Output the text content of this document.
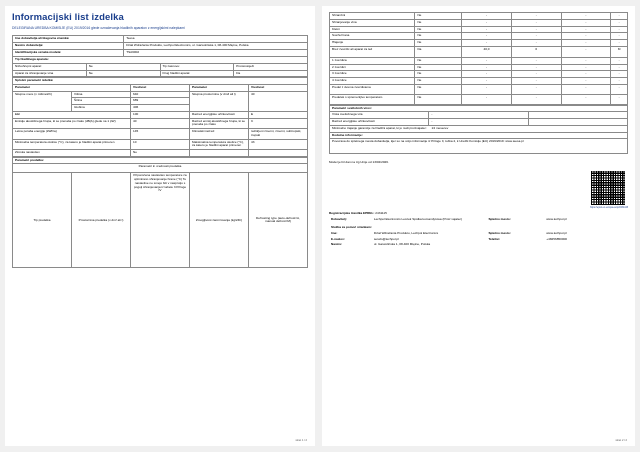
Informacijski list izdelka
DELEGIRANA UREDBA KOMISIJE (EU) 2019/2016 glede označevanja hladilnih aparatov z energijskimi nalepkami
Ime dobavitelja ali blagovna znamka:	Teesa
Naslov dobavitelja:	Dział Wdrażania Produktu, Lechpol Electronics, ul. Garwolińska 1, 08-400 Miętne, Polska
Identifikacijska oznaka modela:	TSA6002
Tip hladilnega aparata:			
Nizkohrupni aparat:	Ne	Tip zasnove:	Prostostoječi
Aparat za shranjevanje vina	Ne	Drug hladilni aparat:	Da
Splošni parametri izdelka:				
Parameter		Vrednost	Parameter	Vrednost
Skupne mere (v milimetrih)	Višina	640	Skupna prostornina (v dm3 ali l)	40
	Širina	689		
	Globina	406		
EEI		100	Razred energijske učinkovitosti	E
Emisije akustičnega hrupa, ki se prenaša po zraku (dB(A) glede na 1 pW)		40	Razred emisij akustičnega hrupa, ki se prenaša po zraku	C
Letna poraba energije (kWh/a)		145	Klimatski razred:	razširjeni zmerni, zmerni, subtropski, tropski
Minimalna temperatura okolice (°C), za katero je hladilni aparat primeren		10	Maksimalna temperatura okolice (°C), za katero je hladilni aparat primeren	43
Zimska nastavitev		Ne		
Parametri predelka:
Parametri in vrednosti predelka
Tip predelka	Prostornina predelka (v dm³ ali l)	Priporočena nastavitev temperature za optimirano shranjevanje hrane (°C) Te nastavitve ne smejo biti v nasprotju s pogoji shranjevanja iz tabele 3 Priloge IV	Zmogljivost zamrzovanja (kg/24h)	Defrosting type (auto-defrost=A, manual defrost=M)
stran 1 / 2
Shrambni	Ne	-	-	-	-
Shranjevanje vina	Ne	-	-	-	-
Kletni	Ne	-	-	-	-
Sveža hrana	Ne	-	-	-	-
Hlajenje	Ne	-	-	-	-
Brez zvezdic ali aparat za led	Da	40,0	0	-	M
1 zvezdica	Ne	-	-	-	-
2 zvezdici	Ne	-	-	-	-
3 zvezdice	Ne	-	-	-	-
4 zvezdice	Ne	-	-	-	-
Predel z dvema zvezdicama	Ne	-	-	-	-
Predelek s spremenljivo temperaturo	Ne	-	-	-	-
Parametri svetlobnih virov:		
Vrsta svetlobnega vira	-	
Razred energijske učinkovitosti	-	
Minimalno trajanje garancije za hladilni aparat, ki jo nudi proizvajalec: 24 mesecev		
Dodatne informacije:		
Povezava do spletnega mesta dobavitelja, kjer so na voljo informacije iz Priloge II, točka 4, k Uredbi Komisije (EU) 2019/2019: www.teesa.pl		
Model je bil dan na trg Unije od 13/02/2026.
https://eprel.ec.europa.eu/qr/2431115
Registracijska številka EPREL: 2431115
Dobavitelj:	Lechpol Electronics Leszek Spółka komandytowa (Proiz vajalec)	Spletno mesto:	www.lechpol.pl
Služba za pomoč strankam:			
Ime:	Dział Wdrażania Produktu, Lechpol Electronics	Spletno mesto:	www.lechpol.pl
E-naslov:	serwis@lechpol.pl	Telefon:	+48256850000
Naslov:	ul. Garwolińska 1, 08-400 Miętne, Polska		
stran 2 / 2
